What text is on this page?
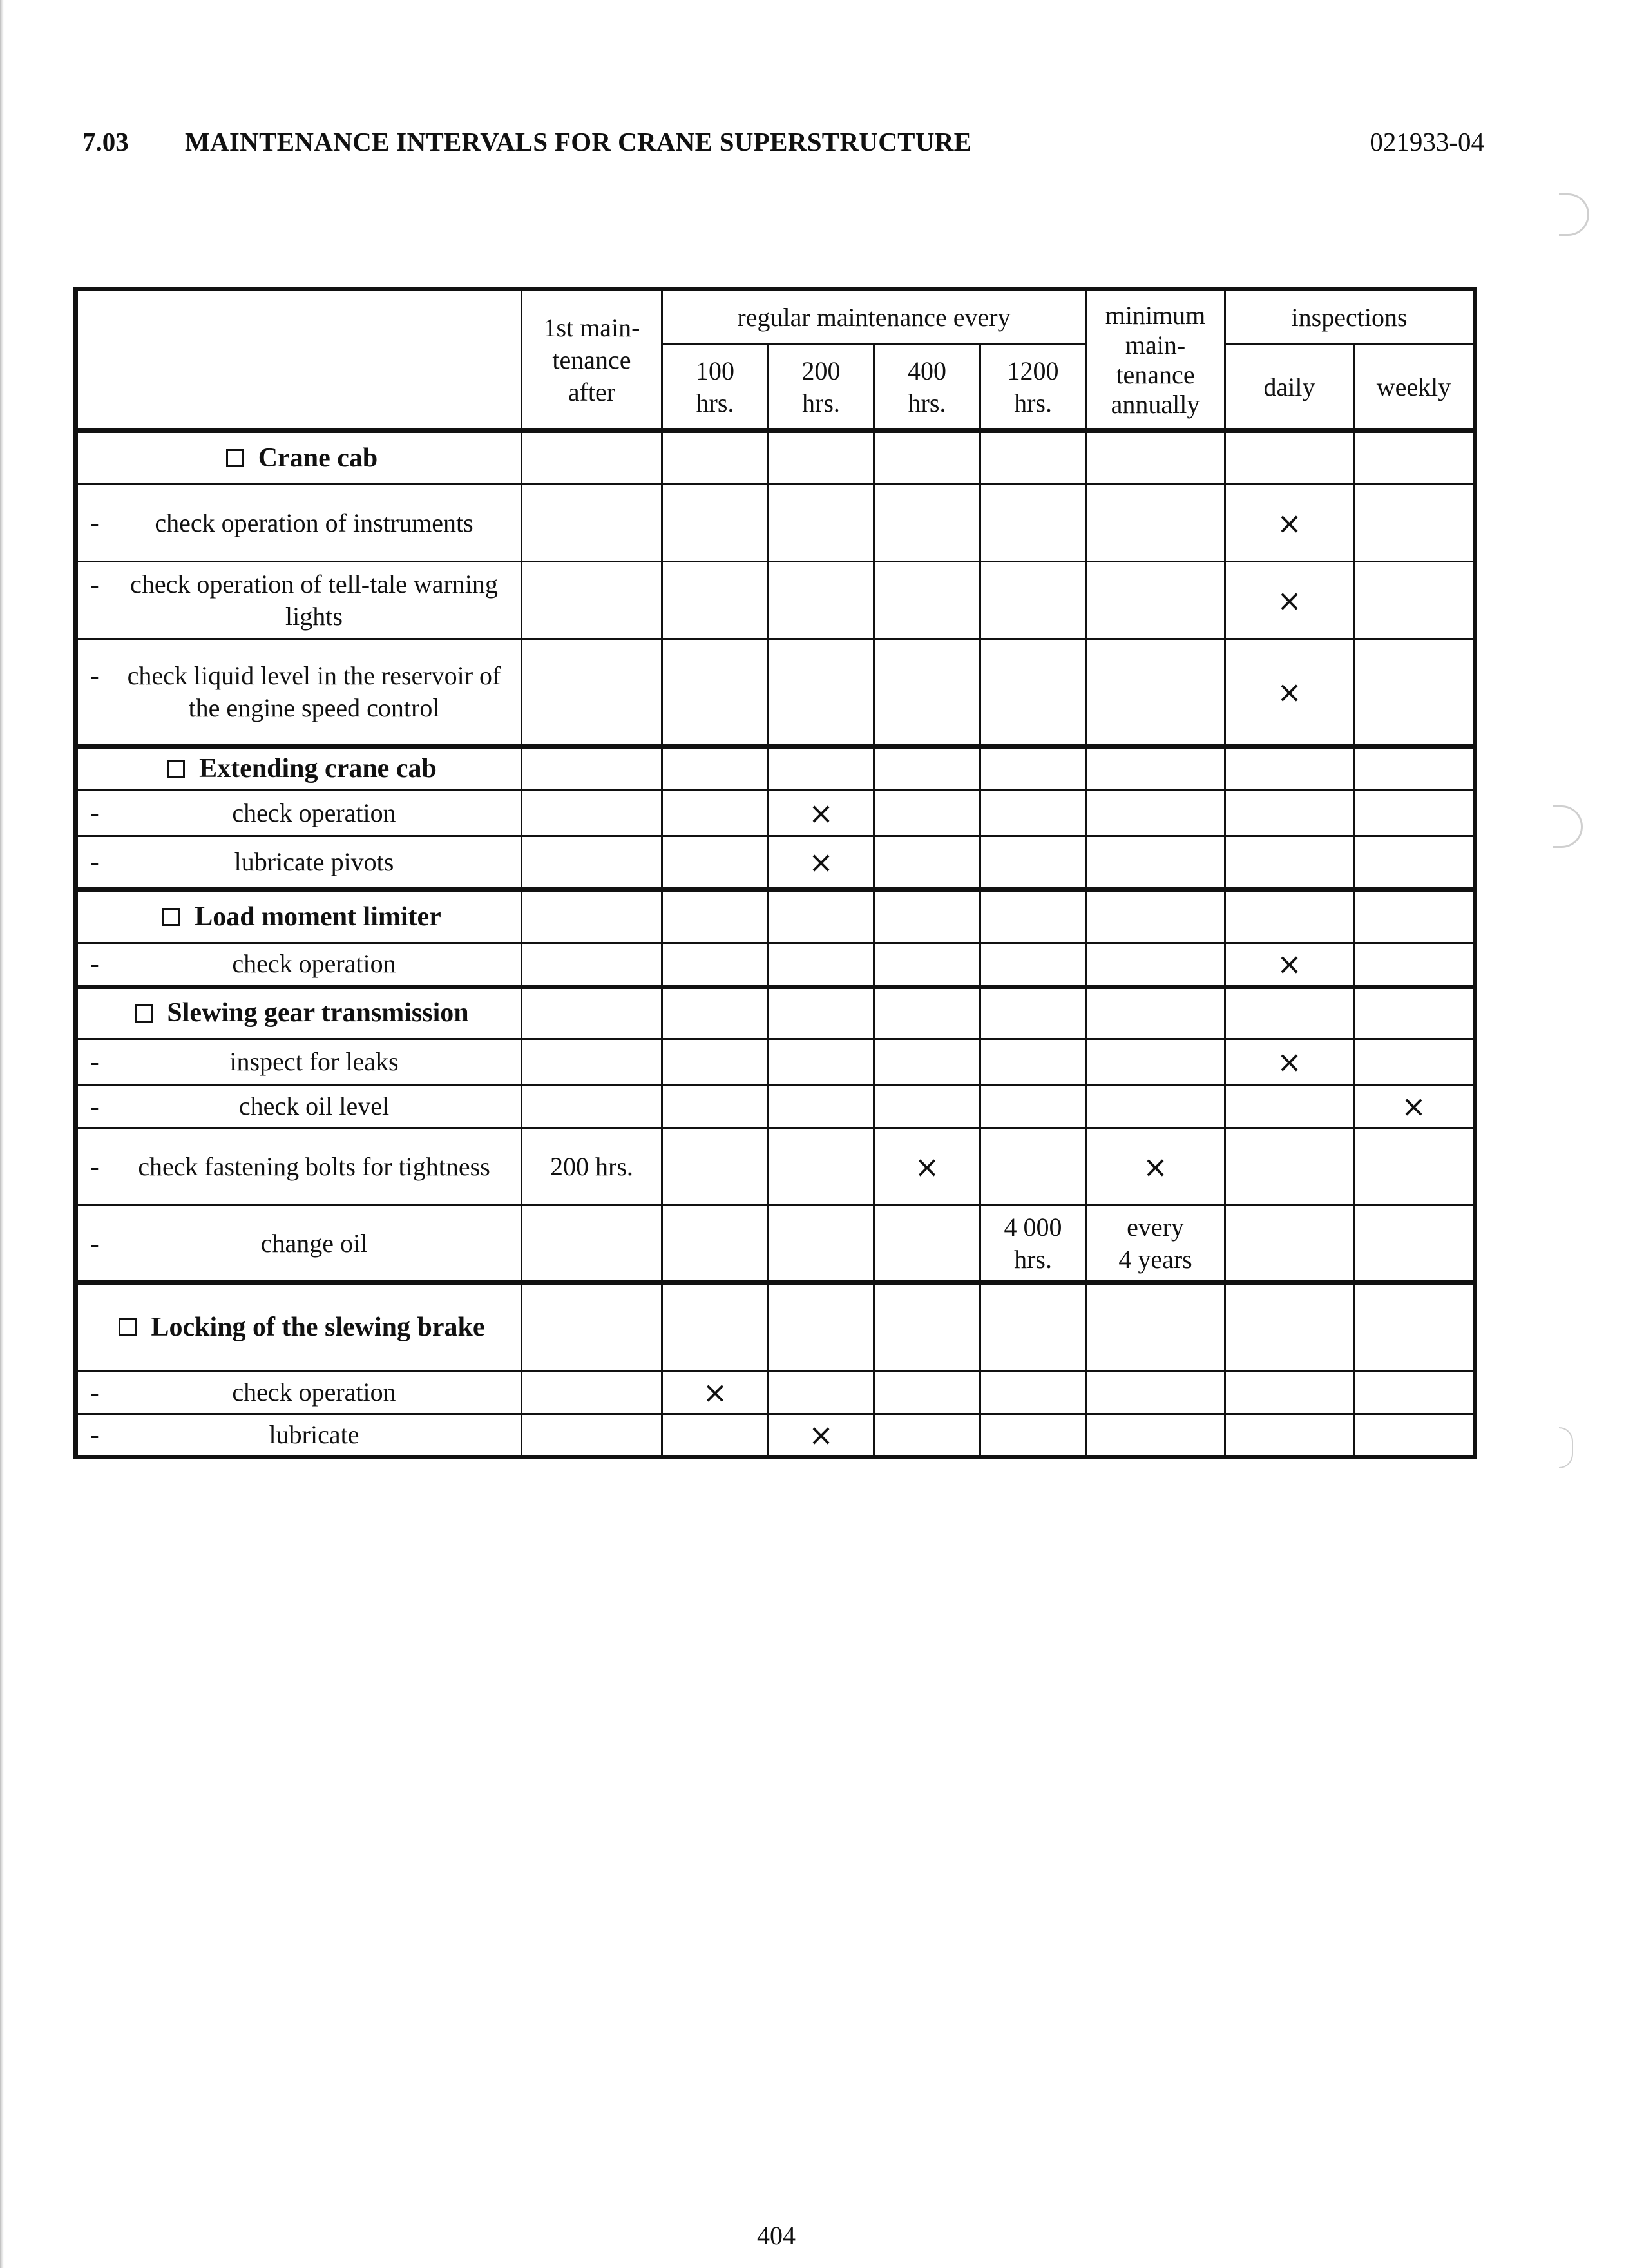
7.03 MAINTENANCE INTERVALS FOR CRANE SUPERSTRUCTURE	021933-04

	1st main-
tenance
after	regular maintenance every				minimum
main-
tenance
annually	inspections	

		100
hrs.	200
hrs.	400
hrs.	1200
hrs.		daily	weekly

Crane cab	

- check operation of instruments							×	

- check operation of tell-tale warning lights							×	

- check liquid level in the reservoir of the engine speed control							×	

Extending crane cab	

- check operation			×					

- lubricate pivots			×					

Load moment limiter	

- check operation							×	

Slewing gear transmission	

- inspect for leaks							×	

- check oil level								×

- check fastening bolts for tightness	200 hrs.			×		×		

- change oil					4 000
hrs.	every
4 years		

Locking of the slewing brake	

- check operation		×						

- lubricate			×					

404
